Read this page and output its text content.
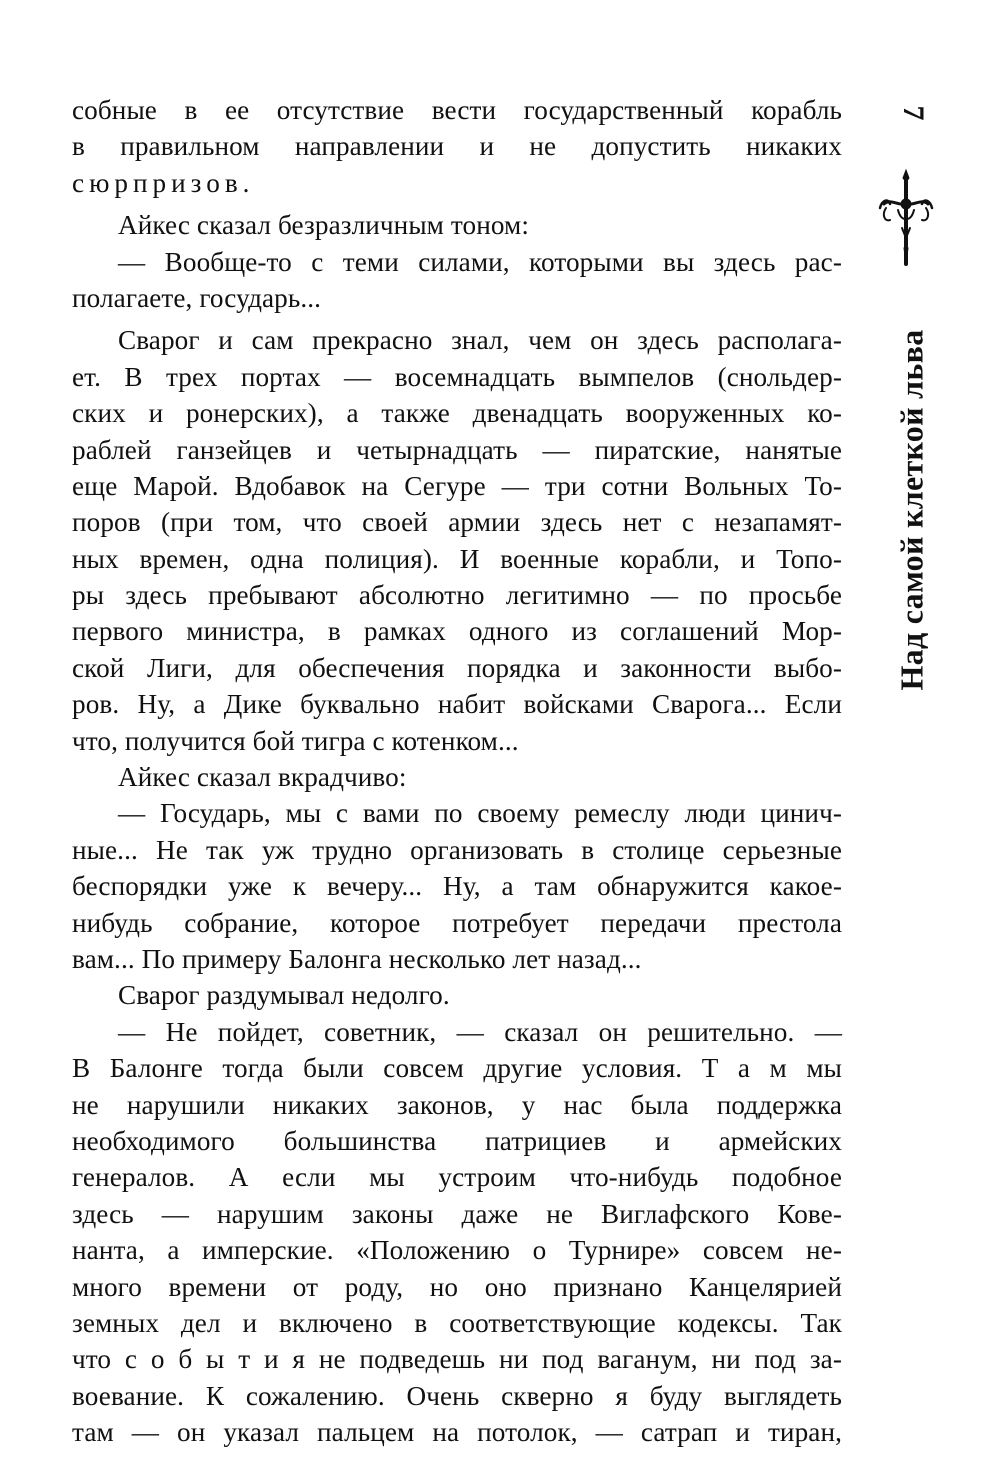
собные в ее отсутствие вести государственный корабль
в правильном направлении и не допустить никаких
сюрпризов.
Айкес сказал безразличным тоном:
— Вообще-то с теми силами, которыми вы здесь рас-
полагаете, государь...
Сварог и сам прекрасно знал, чем он здесь располага-
ет. В трех портах — восемнадцать вымпелов (снольдер-
ских и ронерских), а также двенадцать вооруженных ко-
раблей ганзейцев и четырнадцать — пиратские, нанятые
еще Марой. Вдобавок на Сегуре — три сотни Вольных То-
поров (при том, что своей армии здесь нет с незапамят-
ных времен, одна полиция). И военные корабли, и Топо-
ры здесь пребывают абсолютно легитимно — по просьбе
первого министра, в рамках одного из соглашений Мор-
ской Лиги, для обеспечения порядка и законности выбо-
ров. Ну, а Дике буквально набит войсками Сварога... Если
что, получится бой тигра с котенком...
Айкес сказал вкрадчиво:
— Государь, мы с вами по своему ремеслу люди цинич-
ные... Не так уж трудно организовать в столице серьезные
беспорядки уже к вечеру... Ну, а там обнаружится какое-
нибудь собрание, которое потребует передачи престола
вам... По примеру Балонга несколько лет назад...
Сварог раздумывал недолго.
— Не пойдет, советник, — сказал он решительно. —
В Балонге тогда были совсем другие условия. Т а м мы
не нарушили никаких законов, у нас была поддержка
необходимого большинства патрициев и армейских
генералов. А если мы устроим что-нибудь подобное
здесь — нарушим законы даже не Виглафского Кове-
нанта, а имперские. «Положению о Турнире» совсем не-
много времени от роду, но оно признано Канцелярией
земных дел и включено в соответствующие кодексы. Так
что с о б ы т и я не подведешь ни под ваганум, ни под за-
воевание. К сожалению. Очень скверно я буду выглядеть
там — он указал пальцем на потолок, — сатрап и тиран,
7
Над самой клеткой льва
